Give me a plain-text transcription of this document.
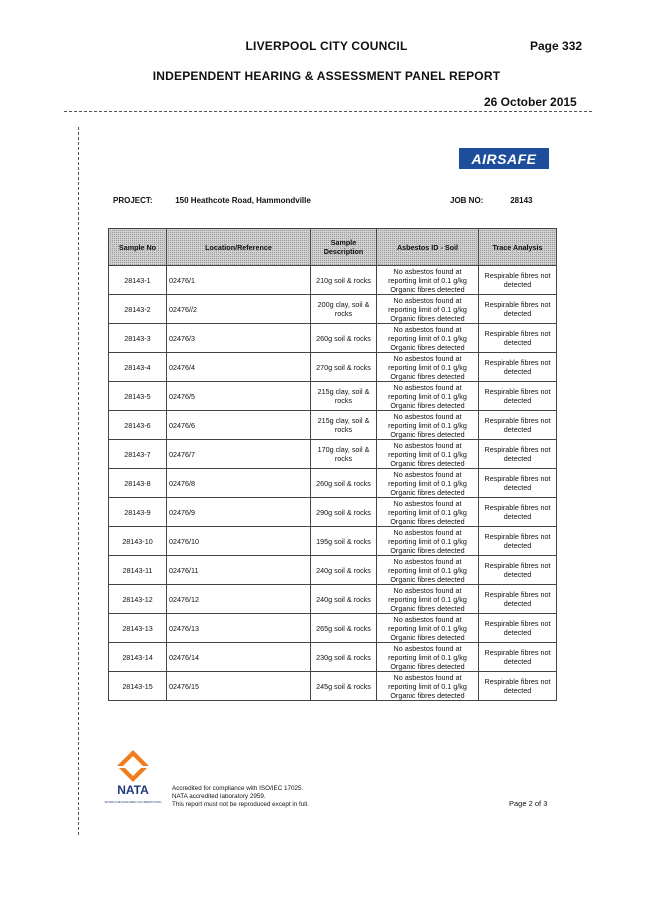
LIVERPOOL CITY COUNCIL	Page 332
INDEPENDENT HEARING & ASSESSMENT PANEL REPORT
26 October 2015
AIRSAFE
PROJECT:	150 Heathcote Road, Hammondville	JOB NO:	28143
Sample No	Location/Reference	Sample Description	Asbestos ID - Soil	Trace Analysis
28143-1	02476/1	210g soil & rocks	No asbestos found at reporting limit of 0.1 g/kg Organic fibres detected	Respirable fibres not detected
28143-2	02476//2	200g clay, soil & rocks	No asbestos found at reporting limit of 0.1 g/kg Organic fibres detected	Respirable fibres not detected
28143-3	02476/3	260g soil & rocks	No asbestos found at reporting limit of 0.1 g/kg Organic fibres detected	Respirable fibres not detected
28143-4	02476/4	270g soil & rocks	No asbestos found at reporting limit of 0.1 g/kg Organic fibres detected	Respirable fibres not detected
28143-5	02476/5	215g clay, soil & rocks	No asbestos found at reporting limit of 0.1 g/kg Organic fibres detected	Respirable fibres not detected
28143-6	02476/6	215g clay, soil & rocks	No asbestos found at reporting limit of 0.1 g/kg Organic fibres detected	Respirable fibres not detected
28143-7	02476/7	170g clay, soil & rocks	No asbestos found at reporting limit of 0.1 g/kg Organic fibres detected	Respirable fibres not detected
28143-8	02476/8	260g soil & rocks	No asbestos found at reporting limit of 0.1 g/kg Organic fibres detected	Respirable fibres not detected
28143-9	02476/9	290g soil & rocks	No asbestos found at reporting limit of 0.1 g/kg Organic fibres detected	Respirable fibres not detected
28143-10	02476/10	195g soil & rocks	No asbestos found at reporting limit of 0.1 g/kg Organic fibres detected	Respirable fibres not detected
28143-11	02476/11	240g soil & rocks	No asbestos found at reporting limit of 0.1 g/kg Organic fibres detected	Respirable fibres not detected
28143-12	02476/12	240g soil & rocks	No asbestos found at reporting limit of 0.1 g/kg Organic fibres detected	Respirable fibres not detected
28143-13	02476/13	265g soil & rocks	No asbestos found at reporting limit of 0.1 g/kg Organic fibres detected	Respirable fibres not detected
28143-14	02476/14	230g soil & rocks	No asbestos found at reporting limit of 0.1 g/kg Organic fibres detected	Respirable fibres not detected
28143-15	02476/15	245g soil & rocks	No asbestos found at reporting limit of 0.1 g/kg Organic fibres detected	Respirable fibres not detected
NATA
WORLD RECOGNISED ACCREDITATION
Accredited for compliance with ISO/IEC 17025.
NATA accredited laboratory 2959.
This report must not be reproduced except in full.	Page 2 of 3
